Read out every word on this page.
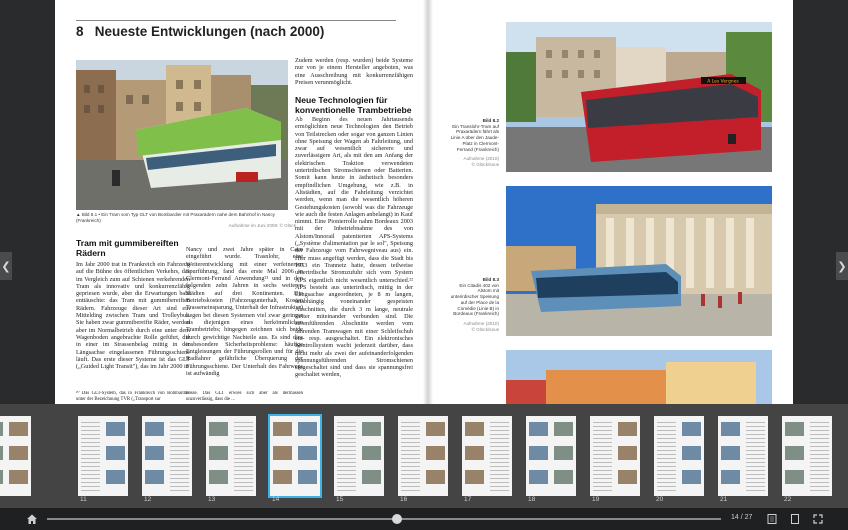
❮	❯
8 Neueste Entwicklungen (nach 2000)
▲ Bild 8.1 • Ein Tram vom Typ GLT von Bombardier mit Praxarädern nahe dem Bahnhof in Nancy (Frankreich)
Aufnahme im Juni 2009: © Glück
Tram mit gummibereiften Rädern
Im Jahr 2000 trat in Frankreich ein Fahrzeug auf die Bühne des öffentlichen Verkehrs, das im Vergleich zum auf Schienen verkehrenden Tram als innovativ und konkurrenzfähig gepriesen wurde, aber die Erwartungen bald enttäuschte: das Tram mit gummibereiften Rädern. Fahrzeuge dieser Art sind ein Mittelding zwischen Tram und Trolleybus. Sie haben zwar gummibereifte Räder, werden aber im Normalbetrieb durch eine unter dem Wagenboden angebrachte Rolle geführt, die in einer im Strassenbelag mittig in der Längsachse eingelassenen Führungsschiene läuft. Das erste dieser Systeme ist das GLT („Guided Light Transit"), das im Jahr 2000 in
²⁰ Das GLT-System, das in Frankreich von Bombardier unter der Bezeichnung TVR („Transport sur
Nancy und zwei Jahre später in Caen eingeführt wurde. Trasnlohr, eine Weiterentwicklung mit einer verfeinerten Spurführung, fand das erste Mal 2006 in Clermont-Ferrand Anwendung²¹ und in den folgenden zehn Jahren in sechs weiteren Städten auf drei Kontinenten. Die Betriebskosten (Fahrzeugunterhalt, Kosten Trasseneinsparung, Unterhalt der Infrastruktur) liegen bei diesen Systemen viel zwar geringer als diejenigen eines herkömmlichen Trambetriebs; hingegen zeichnen sich beide durch gewichtige Nachteile aus. Es sind dies insbesondere Sicherheitsprobleme: häufige Entgleisungen der Führungsrollen und für die Radfahrer gefährliche Überquerung der Führungsschiene. Der Unterhalt des Fahrwegs ist aufwändig
busse. Das GLT erwies sich aber als dermassen unzuverlässig, dass die ...
Zudem werden (resp. wurden) beide Systeme nur von je einem Hersteller angeboten, was eine Ausschreibung mit konkurrenzfähigen Preisen verunmöglicht.
Neue Technologien für konventionelle Trambetriebe
Ab Beginn des neuen Jahrtausends ermöglichten neue Technologien den Betrieb von Teilstrecken oder sogar von ganzen Linien ohne Speisung der Wagen ab Fahrleitung, und zwar auf wesentlich sicherere und zuverlässigere Art, als mit den am Anfang der elektrischen Traktion verwendeten unterirdischen Stromschienen oder Batterien. Somit kann heute in ästhetisch besonders empfindlichen Umgebung, wie z.B. in Altstädten, auf die Fahrleitung verzichtet werden, wenn man die wesentlich höheren Gestehungskosten (sowohl was die Fahrzeuge wie auch die festen Anlagen anbelangt) in Kauf nimmt. Eine Pionierrolle nahm Bordeaux 2003 mit der Inbetriebnahme des von Alstom/Innorail patentierten APS-Systems („Système d'alimentation par le sol", Speisung der Fahrzeuge vom Fahrwegniveau aus) ein. Hier muss angefügt werden, dass die Stadt bis 1953 ein Trannetz hatte, dessen teilweise unterirdische Stromzufuhr sich vom System APS eigentlich nicht wesentlich unterschied.²² APS besteht aus unterirdisch, mittig in der Längsachse angeordneten, je 8 m langen, unabhängig voneinander gespeisten Abschnitten, die durch 3 m lange, neutrale Leiter miteinander verbunden sind. Die stromführenden Abschnitte werden vom fahrenden Tramwagen mit einer Schleifschuh ein- resp. ausgeschaltet. Ein elektronisches Kontrollsystem wacht jederzeit darüber, dass nicht mehr als zwei der aufeinanderfolgenden spannungsführenden Stromschienen eingeschaltet sind und dass sie spannungsfrei geschaltet werden,
Bild 8.2
Ein Translohr-Tram auf
Praxarädern fährt als
Linie A über den Jaude-
Platz in Clermont-
Ferrand (Frankreich)
Aufnahme (2010)
© Glück/sous
Bild 8.3
Ein Citadis 402 von
Alstom mit
unterirdischer Speisung
auf der Place de la
Comédie (Linie B) in
Bordeaux (Frankreich)
Aufnahme (2010)
© Glück/sous
A Les Vergnes
11	12	13	14	15	16	17	18	19	20	21	22
14 / 27
